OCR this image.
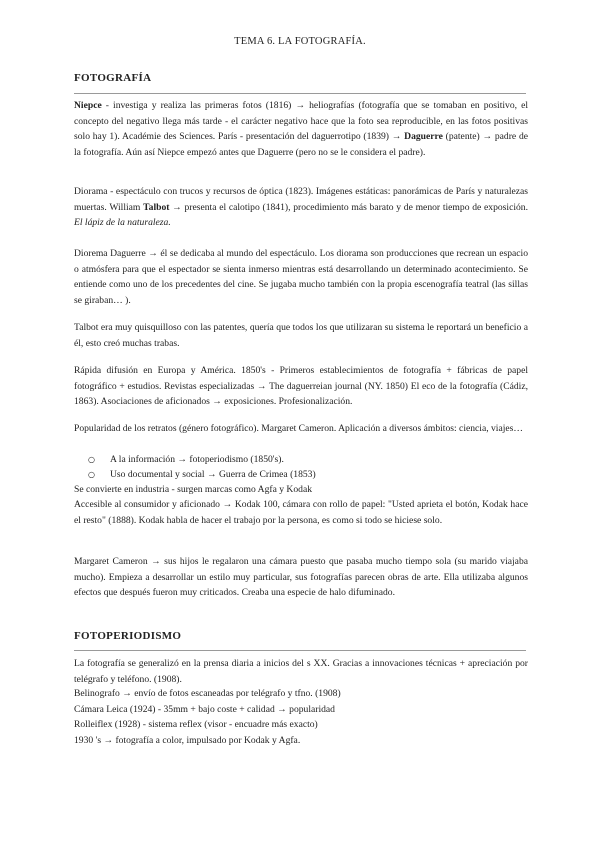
TEMA 6. LA FOTOGRAFÍA.
FOTOGRAFÍA
Niepce - investiga y realiza las primeras fotos (1816) → heliografías (fotografía que se tomaban en positivo, el concepto del negativo llega más tarde - el carácter negativo hace que la foto sea reproducible, en las fotos positivas solo hay 1). Académie des Sciences. París - presentación del daguerrotipo (1839) → Daguerre (patente) → padre de la fotografía. Aún así Niepce empezó antes que Daguerre (pero no se le considera el padre).
Diorama - espectáculo con trucos y recursos de óptica (1823). Imágenes estáticas: panorámicas de París y naturalezas muertas. William Talbot → presenta el calotipo (1841), procedimiento más barato y de menor tiempo de exposición. El lápiz de la naturaleza.
Diorema Daguerre → él se dedicaba al mundo del espectáculo. Los diorama son producciones que recrean un espacio o atmósfera para que el espectador se sienta inmerso mientras está desarrollando un determinado acontecimiento. Se entiende como uno de los precedentes del cine. Se jugaba mucho también con la propia escenografía teatral (las sillas se giraban… ).
Talbot era muy quisquilloso con las patentes, quería que todos los que utilizaran su sistema le reportará un beneficio a él, esto creó muchas trabas.
Rápida difusión en Europa y América. 1850's - Primeros establecimientos de fotografía + fábricas de papel fotográfico + estudios. Revistas especializadas → The daguerreian journal (NY. 1850) El eco de la fotografía (Cádiz, 1863). Asociaciones de aficionados → exposiciones. Profesionalización.
Popularidad de los retratos (género fotográfico). Margaret Cameron. Aplicación a diversos ámbitos: ciencia, viajes…
○ A la información → fotoperiodismo (1850's).
○ Uso documental y social → Guerra de Crimea (1853)
Se convierte en industria - surgen marcas como Agfa y Kodak
Accesible al consumidor y aficionado → Kodak 100, cámara con rollo de papel: "Usted aprieta el botón, Kodak hace el resto" (1888). Kodak habla de hacer el trabajo por la persona, es como si todo se hiciese solo.
Margaret Cameron → sus hijos le regalaron una cámara puesto que pasaba mucho tiempo sola (su marido viajaba mucho). Empieza a desarrollar un estilo muy particular, sus fotografías parecen obras de arte. Ella utilizaba algunos efectos que después fueron muy criticados. Creaba una especie de halo difuminado.
FOTOPERIODISMO
La fotografía se generalizó en la prensa diaria a inicios del s XX. Gracias a innovaciones técnicas + apreciación por telégrafo y teléfono. (1908).
Belinografo → envío de fotos escaneadas por telégrafo y tfno. (1908)
Cámara Leica (1924) - 35mm + bajo coste + calidad → popularidad
Rolleiflex (1928) - sistema reflex (visor - encuadre más exacto)
1930 's → fotografía a color, impulsado por Kodak y Agfa.
